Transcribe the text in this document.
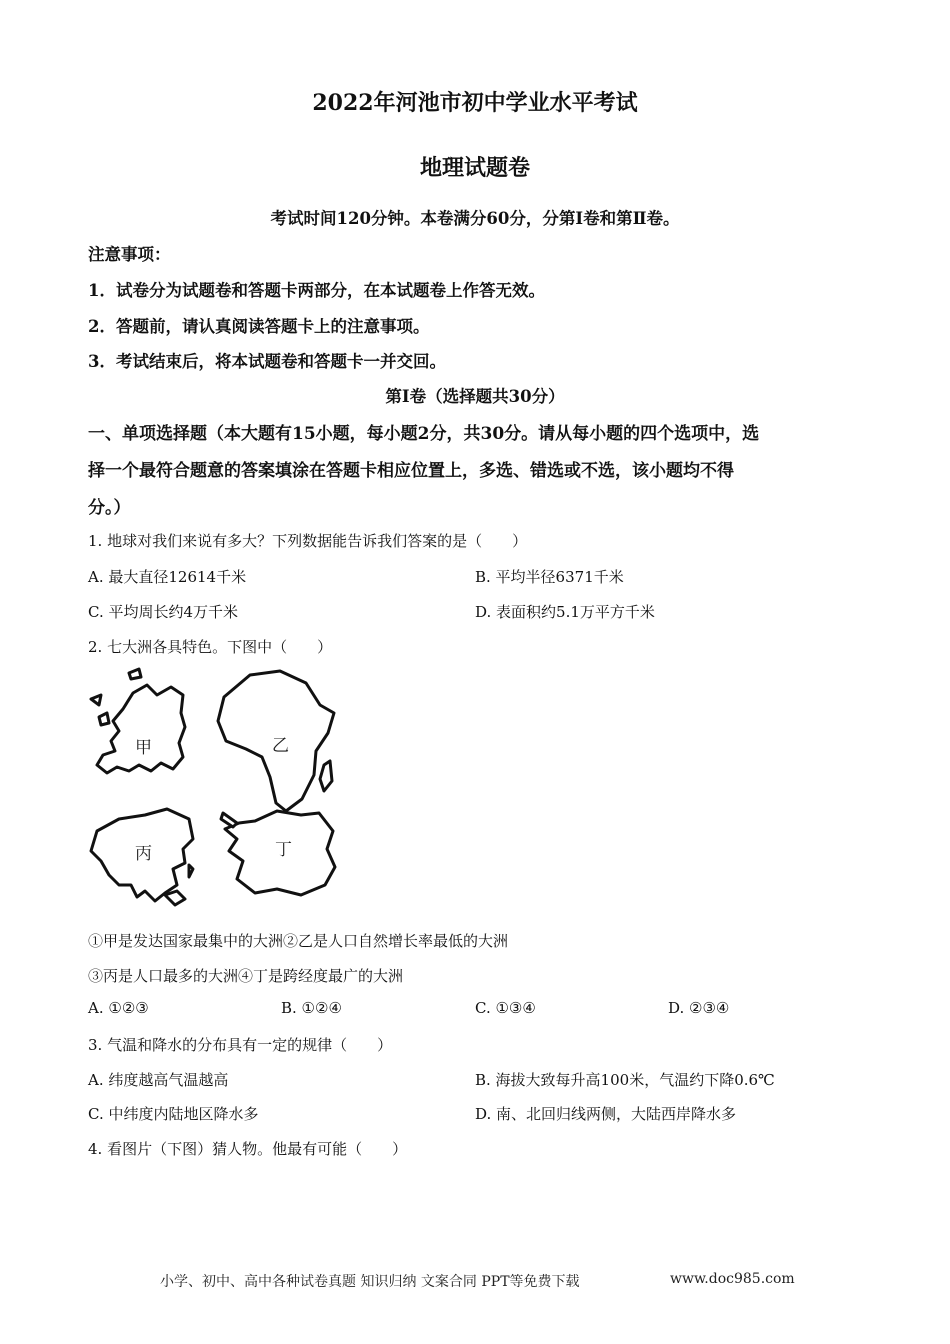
2022年河池市初中学业水平考试
地理试题卷
考试时间120分钟。本卷满分60分，分第Ⅰ卷和第Ⅱ卷。
注意事项：
1．试卷分为试题卷和答题卡两部分，在本试题卷上作答无效。
2．答题前，请认真阅读答题卡上的注意事项。
3．考试结束后，将本试题卷和答题卡一并交回。
第Ⅰ卷（选择题共30分）
一、单项选择题（本大题有15小题，每小题2分，共30分。请从每小题的四个选项中，选
择一个最符合题意的答案填涂在答题卡相应位置上，多选、错选或不选，该小题均不得
分。）
1. 地球对我们来说有多大？下列数据能告诉我们答案的是（　　）
A. 最大直径12614千米	B. 平均半径6371千米
C. 平均周长约4万千米	D. 表面积约5.1万平方千米
2. 七大洲各具特色。下图中（　　）
甲	乙
丙	丁
①甲是发达国家最集中的大洲②乙是人口自然增长率最低的大洲
③丙是人口最多的大洲④丁是跨经度最广的大洲
A. ①②③	B. ①②④	C. ①③④	D. ②③④
3. 气温和降水的分布具有一定的规律（　　）
A. 纬度越高气温越高	B. 海拔大致每升高100米，气温约下降0.6℃
C. 中纬度内陆地区降水多	D. 南、北回归线两侧，大陆西岸降水多
4. 看图片（下图）猜人物。他最有可能（　　）
小学、初中、高中各种试卷真题 知识归纳 文案合同 PPT等免费下载	www.doc985.com
